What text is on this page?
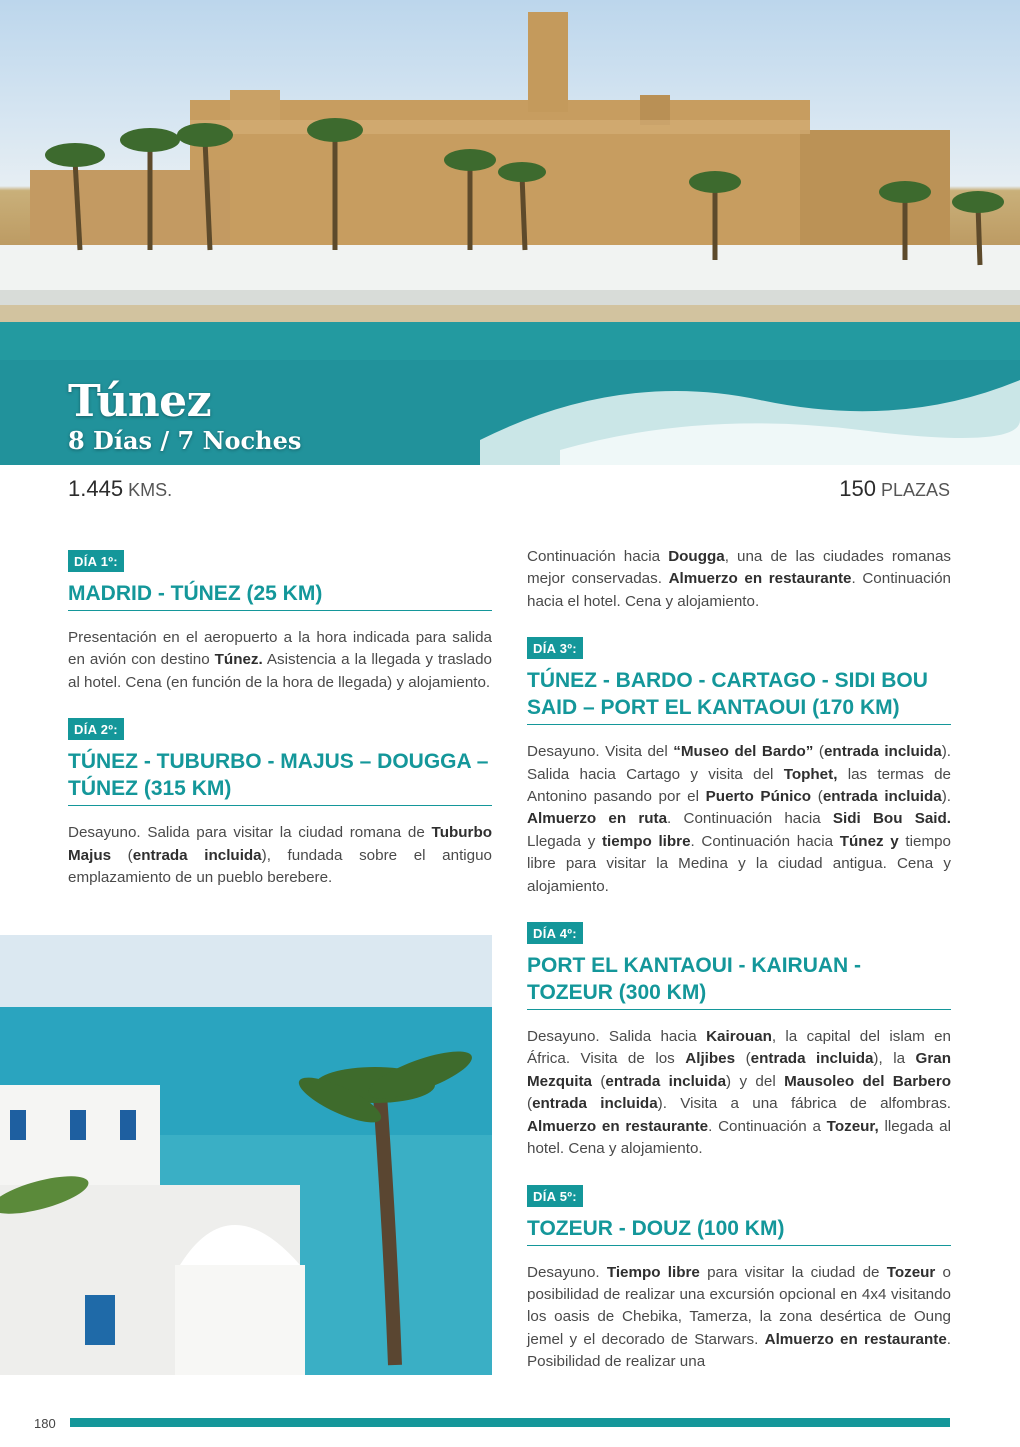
Túnez
8 Días / 7 Noches
1.445 KMS.	150 PLAZAS
DÍA 1º:
MADRID - TÚNEZ (25 KM)

Presentación en el aeropuerto a la hora indicada para salida en avión con destino Túnez. Asistencia a la llegada y traslado al hotel. Cena (en función de la hora de llegada) y alojamiento.

DÍA 2º:
TÚNEZ - TUBURBO - MAJUS – DOUGGA – TÚNEZ (315 KM)

Desayuno. Salida para visitar la ciudad romana de Tuburbo Majus (entrada incluida), fundada sobre el antiguo emplazamiento de un pueblo berebere.

Continuación hacia Dougga, una de las ciudades romanas mejor conservadas. Almuerzo en restaurante. Continuación hacia el hotel. Cena y alojamiento.

DÍA 3º:
TÚNEZ - BARDO - CARTAGO - SIDI BOU SAID – PORT EL KANTAOUI (170 KM)

Desayuno. Visita del “Museo del Bardo” (entrada incluida). Salida hacia Cartago y visita del Tophet, las termas de Antonino pasando por el Puerto Púnico (entrada incluida). Almuerzo en ruta. Continuación hacia Sidi Bou Said. Llegada y tiempo libre. Continuación hacia Túnez y tiempo libre para visitar la Medina y la ciudad antigua. Cena y alojamiento.

DÍA 4º:
PORT EL KANTAOUI - KAIRUAN - TOZEUR (300 KM)

Desayuno. Salida hacia Kairouan, la capital del islam en África. Visita de los Aljibes (entrada incluida), la Gran Mezquita (entrada incluida) y del Mausoleo del Barbero (entrada incluida). Visita a una fábrica de alfombras. Almuerzo en restaurante. Continuación a Tozeur, llegada al hotel. Cena y alojamiento.

DÍA 5º:
TOZEUR - DOUZ (100 KM)

Desayuno. Tiempo libre para visitar la ciudad de Tozeur o posibilidad de realizar una excursión opcional en 4x4 visitando los oasis de Chebika, Tamerza, la zona desértica de Oung jemel y el decorado de Starwars. Almuerzo en restaurante. Posibilidad de realizar una

180
